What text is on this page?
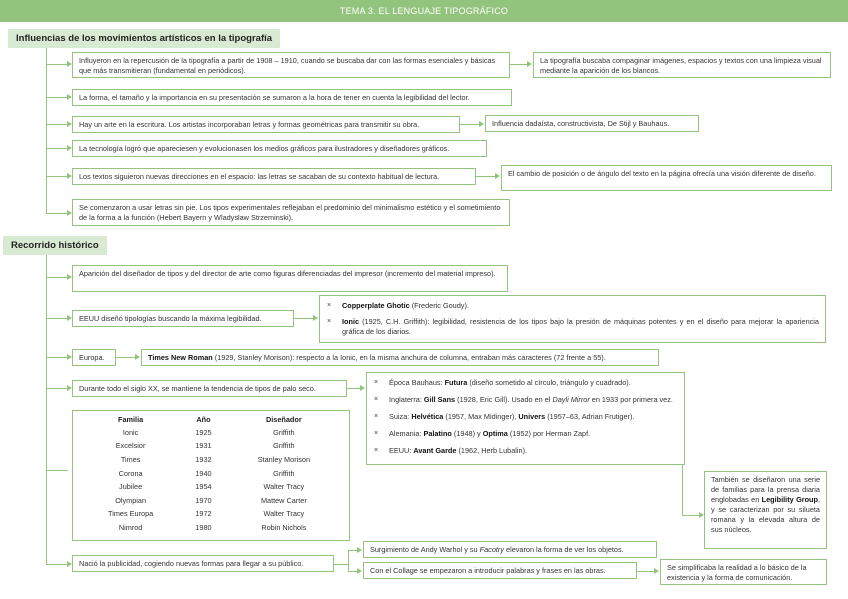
TEMA 3. EL LENGUAJE TIPOGRÁFICO
Influencias de los movimientos artísticos en la tipografía
Influyeron en la repercusión de la tipografía a partir de 1908 – 1910, cuando se buscaba dar con las formas esenciales y básicas que más transmitieran (fundamental en periódicos).
La forma, el tamaño y la importancia en su presentación se sumaron a la hora de tener en cuenta la legibilidad del lector.
Hay un arte en la escritura. Los artistas incorporaban letras y formas geométricas para transmitir su obra.
La tecnología logró que apareciesen y evolucionasen los medios gráficos para ilustradores y diseñadores gráficos.
Los textos siguieron nuevas direcciones en el espacio: las letras se sacaban de su contexto habitual de lectura.
Se comenzaron a usar letras sin pie. Los tipos experimentales reflejaban el predominio del minimalismo estético y el sometimiento de la forma a la función (Hebert Bayern y Wladyslaw Strzeminski).
La tipografía buscaba compaginar imágenes, espacios y textos con una limpieza visual mediante la aparición de los blancos.
Influencia dadaísta, constructivista, De Stijl y Bauhaus.
El cambio de posición o de ángulo del texto en la página ofrecía una visión diferente de diseño.
Recorrido histórico
Aparición del diseñador de tipos y del director de arte como figuras diferenciadas del impresor (incremento del material impreso).
EEUU diseñó tipologías buscando la máxima legibilidad.
× Copperplate Ghotic (Frederic Goudy).
× Ionic (1925, C.H. Griffith): legibilidad, resistencia de los tipos bajo la presión de máquinas potentes y en el diseño para mejorar la apariencia gráfica de los diarios.
Europa.	Times New Roman (1929, Stanley Morison): respecto a la Ionic, en la misma anchura de columna, entraban más caracteres (72 frente a 55).
Durante todo el siglo XX, se mantiene la tendencia de tipos de palo seco.
× Época Bauhaus: Futura (diseño sometido al círculo, triángulo y cuadrado).
× Inglaterra: Gill Sans (1928, Eric Gill). Usado en el Dayli Mirror en 1933 por primera vez.
× Suiza: Helvética (1957, Max Midinger), Univers (1957–63, Adrian Frutiger).
× Alemania: Palatino (1948) y Optima (1952) por Herman Zapf.
× EEUU: Avant Garde (1962, Herb Lubalin).
Familia	Año	Diseñador
Ionic	1925	Griffith
Excelsior	1931	Griffith
Times	1932	Stanley Morison
Corona	1940	Griffith
Jubilee	1954	Walter Tracy
Olympian	1970	Mattew Carter
Times Europa	1972	Walter Tracy
Nimrod	1980	Robin Nichols
También se diseñaron una serie de familias para la prensa diaria englobadas en Legibility Group, y se caracterizan por su silueta romana y la elevada altura de sus núcleos.
Nació la publicidad, cogiendo nuevas formas para llegar a su público.
Surgimiento de Andy Warhol y su Facotry elevaron la forma de ver los objetos.
Con el Collage se empezaron a introducir palabras y frases en las obras.	Se simplificaba la realidad a lo básico de la existencia y la forma de comunicación.
